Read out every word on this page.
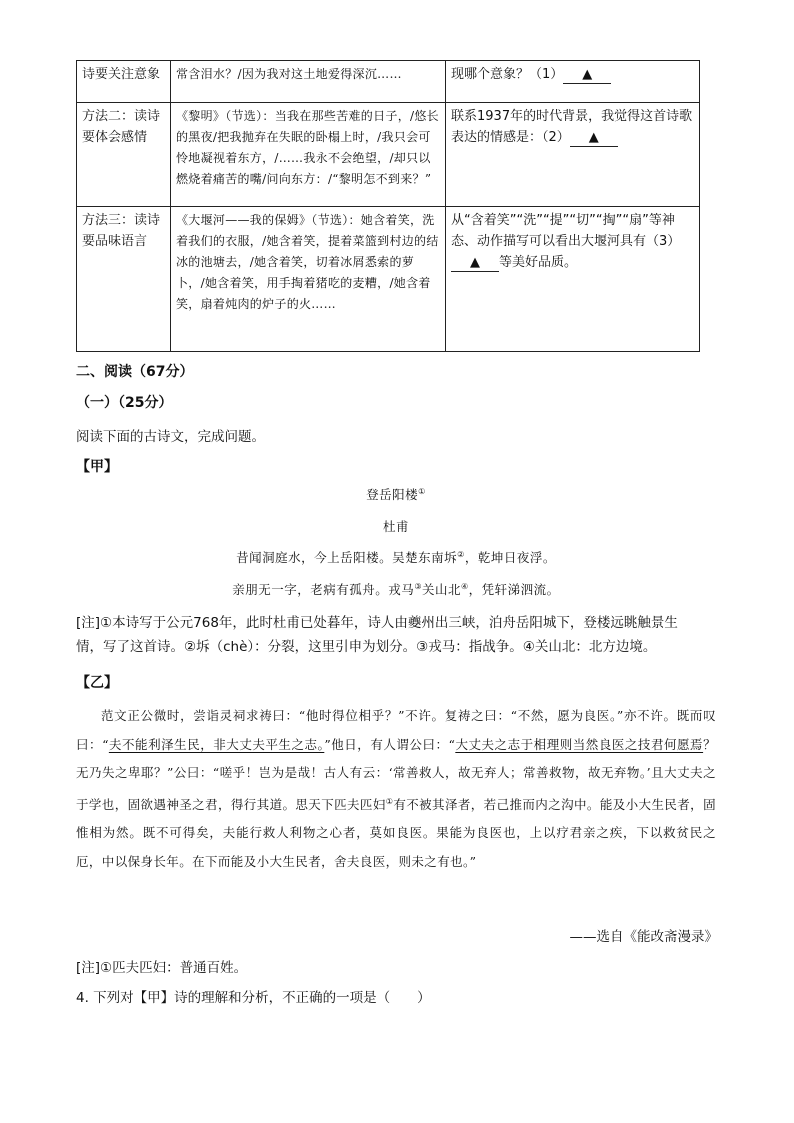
诗要关注意象	常含泪水？/因为我对这土地爱得深沉……	现哪个意象？（1） ▲
方法二：读诗要体会感情	《黎明》（节选）：当我在那些苦难的日子，/悠长的黑夜/把我抛弃在失眠的卧榻上时，/我只会可怜地凝视着东方，/……我永不会绝望，/却只以燃烧着痛苦的嘴/问向东方：/“黎明怎不到来？”	联系1937年的时代背景，我觉得这首诗歌表达的情感是：（2） ▲
方法三：读诗要品味语言	《大堰河——我的保姆》（节选）：她含着笑，洗着我们的衣服，/她含着笑，提着菜篮到村边的结冰的池塘去，/她含着笑，切着冰屑悉索的萝卜，/她含着笑，用手掏着猪吃的麦糟，/她含着笑，扇着炖肉的炉子的火……	从“含着笑”“洗”“提”“切”“掏”“扇”等神态、动作描写可以看出大堰河具有（3）▲ 等美好品质。
二、阅读（67分）
（一）（25分）
阅读下面的古诗文，完成问题。
【甲】
登岳阳楼①
杜甫
昔闻洞庭水，今上岳阳楼。吴楚东南坼②，乾坤日夜浮。
亲朋无一字，老病有孤舟。戎马③关山北④，凭轩涕泗流。
[注]①本诗写于公元768年，此时杜甫已处暮年，诗人由夔州出三峡，泊舟岳阳城下，登楼远眺触景生情，写了这首诗。②坼（chè）：分裂，这里引申为划分。③戎马：指战争。④关山北：北方边境。
【乙】

范文正公微时，尝诣灵祠求祷曰：“他时得位相乎？”不许。复祷之曰：“不然，愿为良医。”亦不许。既而叹曰：“夫不能利泽生民，非大丈夫平生之志。”他日，有人谓公曰：“大丈夫之志于相理则当然良医之技君何愿焉？无乃失之卑耶？”公曰：“嗟乎！岂为是哉！古人有云：‘常善救人，故无弃人；常善救物，故无弃物。’且大丈夫之于学也，固欲遇神圣之君，得行其道。思天下匹夫匹妇①有不被其泽者，若己推而内之沟中。能及小大生民者，固惟相为然。既不可得矣，夫能行救人利物之心者，莫如良医。果能为良医也，上以疗君亲之疾，下以救贫民之厄，中以保身长年。在下而能及小大生民者，舍夫良医，则未之有也。”

——选自《能改斋漫录》
[注]①匹夫匹妇：普通百姓。
4. 下列对【甲】诗的理解和分析，不正确的一项是（　　）
